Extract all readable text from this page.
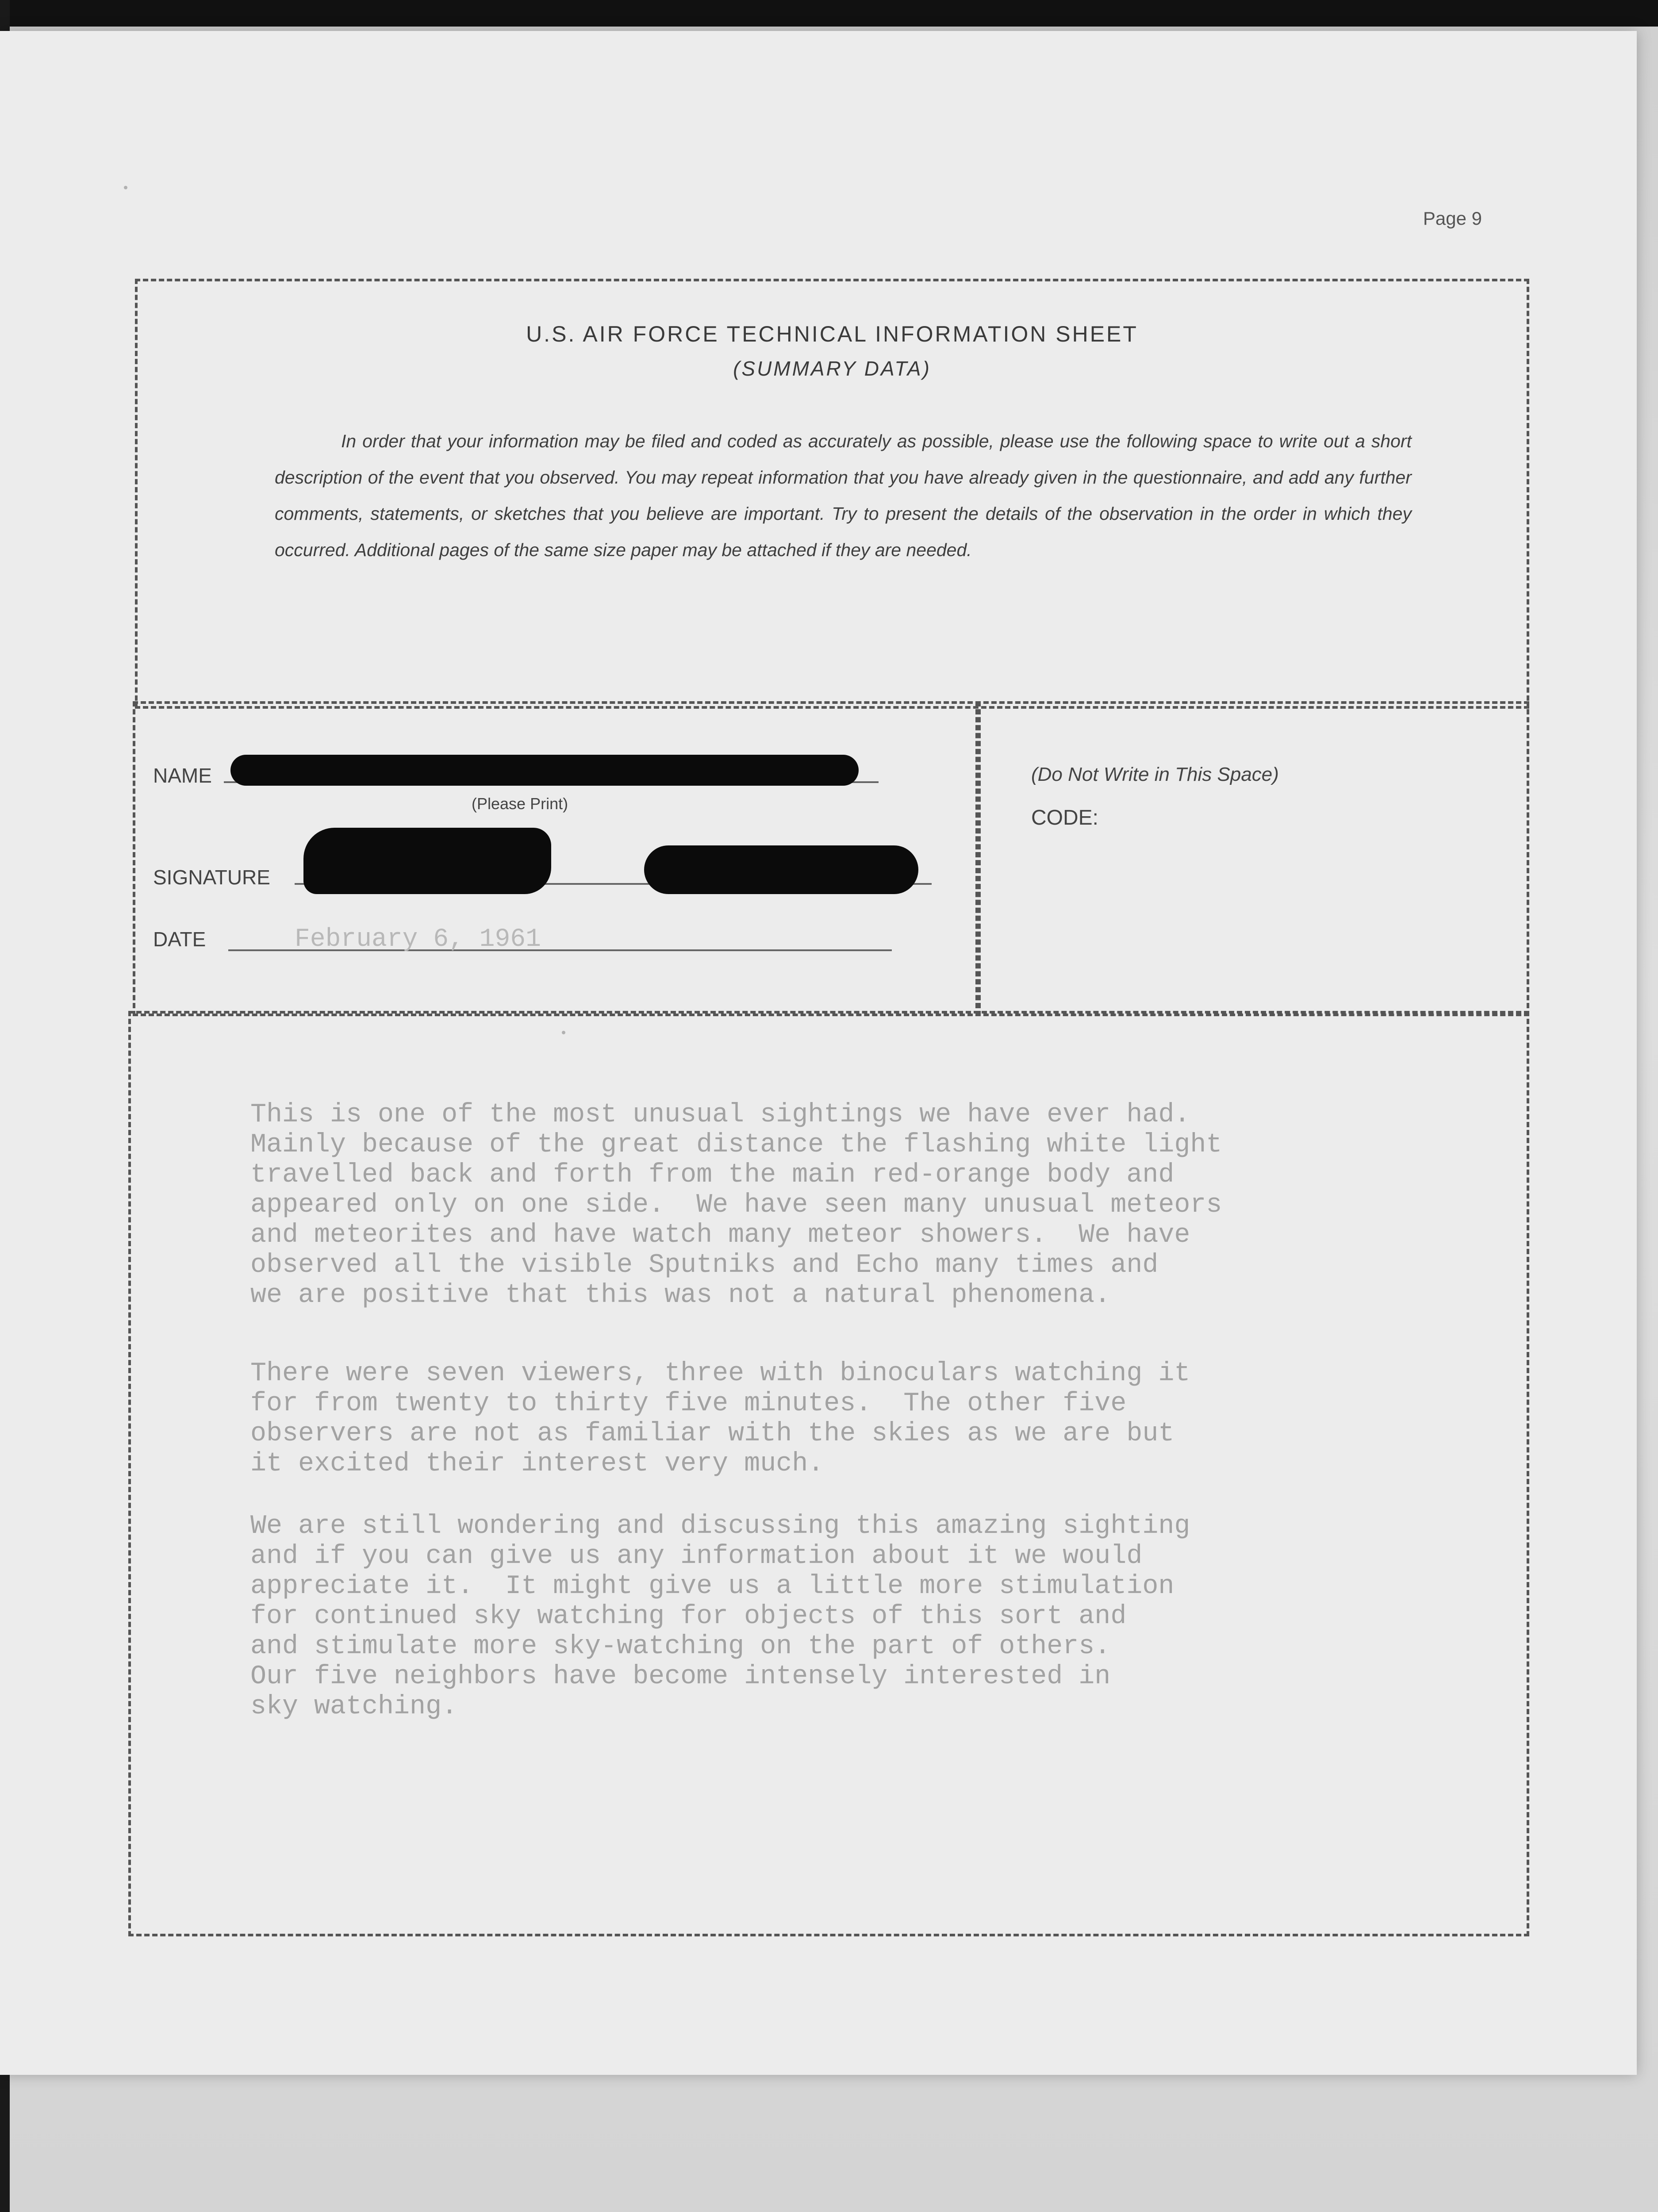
Page 9
U.S. AIR FORCE TECHNICAL INFORMATION SHEET
(SUMMARY DATA)
In order that your information may be filed and coded as accurately as possible, please use the following space to write out a short description of the event that you observed. You may repeat information that you have already given in the questionnaire, and add any further comments, statements, or sketches that you believe are important. Try to present the details of the observation in the order in which they occurred. Additional pages of the same size paper may be attached if they are needed.
NAME
(Please Print)
SIGNATURE
DATE	February 6, 1961
(Do Not Write in This Space)
CODE:
This is one of the most unusual sightings we have ever had.
Mainly because of the great distance the flashing white light
travelled back and forth from the main red-orange body and
appeared only on one side.  We have seen many unusual meteors
and meteorites and have watch many meteor showers.  We have
observed all the visible Sputniks and Echo many times and
we are positive that this was not a natural phenomena.
There were seven viewers, three with binoculars watching it
for from twenty to thirty five minutes.  The other five
observers are not as familiar with the skies as we are but
it excited their interest very much.
We are still wondering and discussing this amazing sighting
and if you can give us any information about it we would
appreciate it.  It might give us a little more stimulation
for continued sky watching for objects of this sort and
and stimulate more sky-watching on the part of others.
Our five neighbors have become intensely interested in
sky watching.
